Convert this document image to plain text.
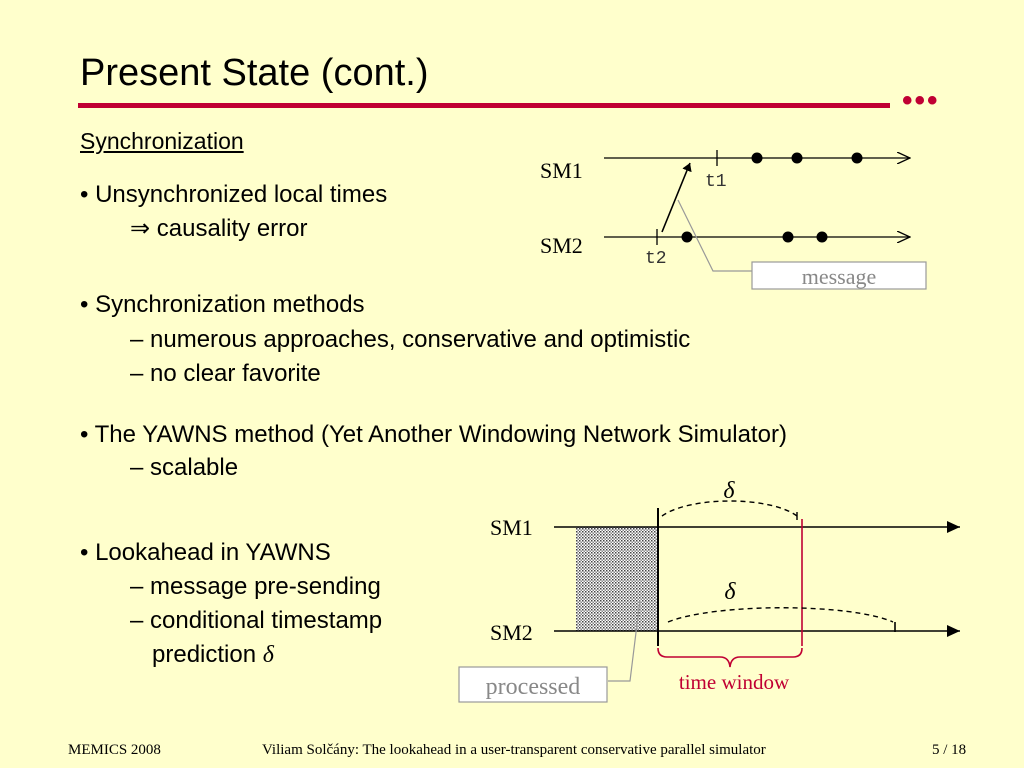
Present State (cont.)
•••
Synchronization
• Unsynchronized local times
⇒ causality error
• Synchronization methods
– numerous approaches, conservative and optimistic
– no clear favorite
• The YAWNS method (Yet Another Windowing Network Simulator)
– scalable
• Lookahead in YAWNS
– message pre-sending
– conditional timestamp
prediction δ
SM1
SM2
t1
t2
message
SM1
SM2
δ
δ
time window
processed
MEMICS 2008	Viliam Solčány: The lookahead in a user-transparent conservative parallel simulator	5 / 18
